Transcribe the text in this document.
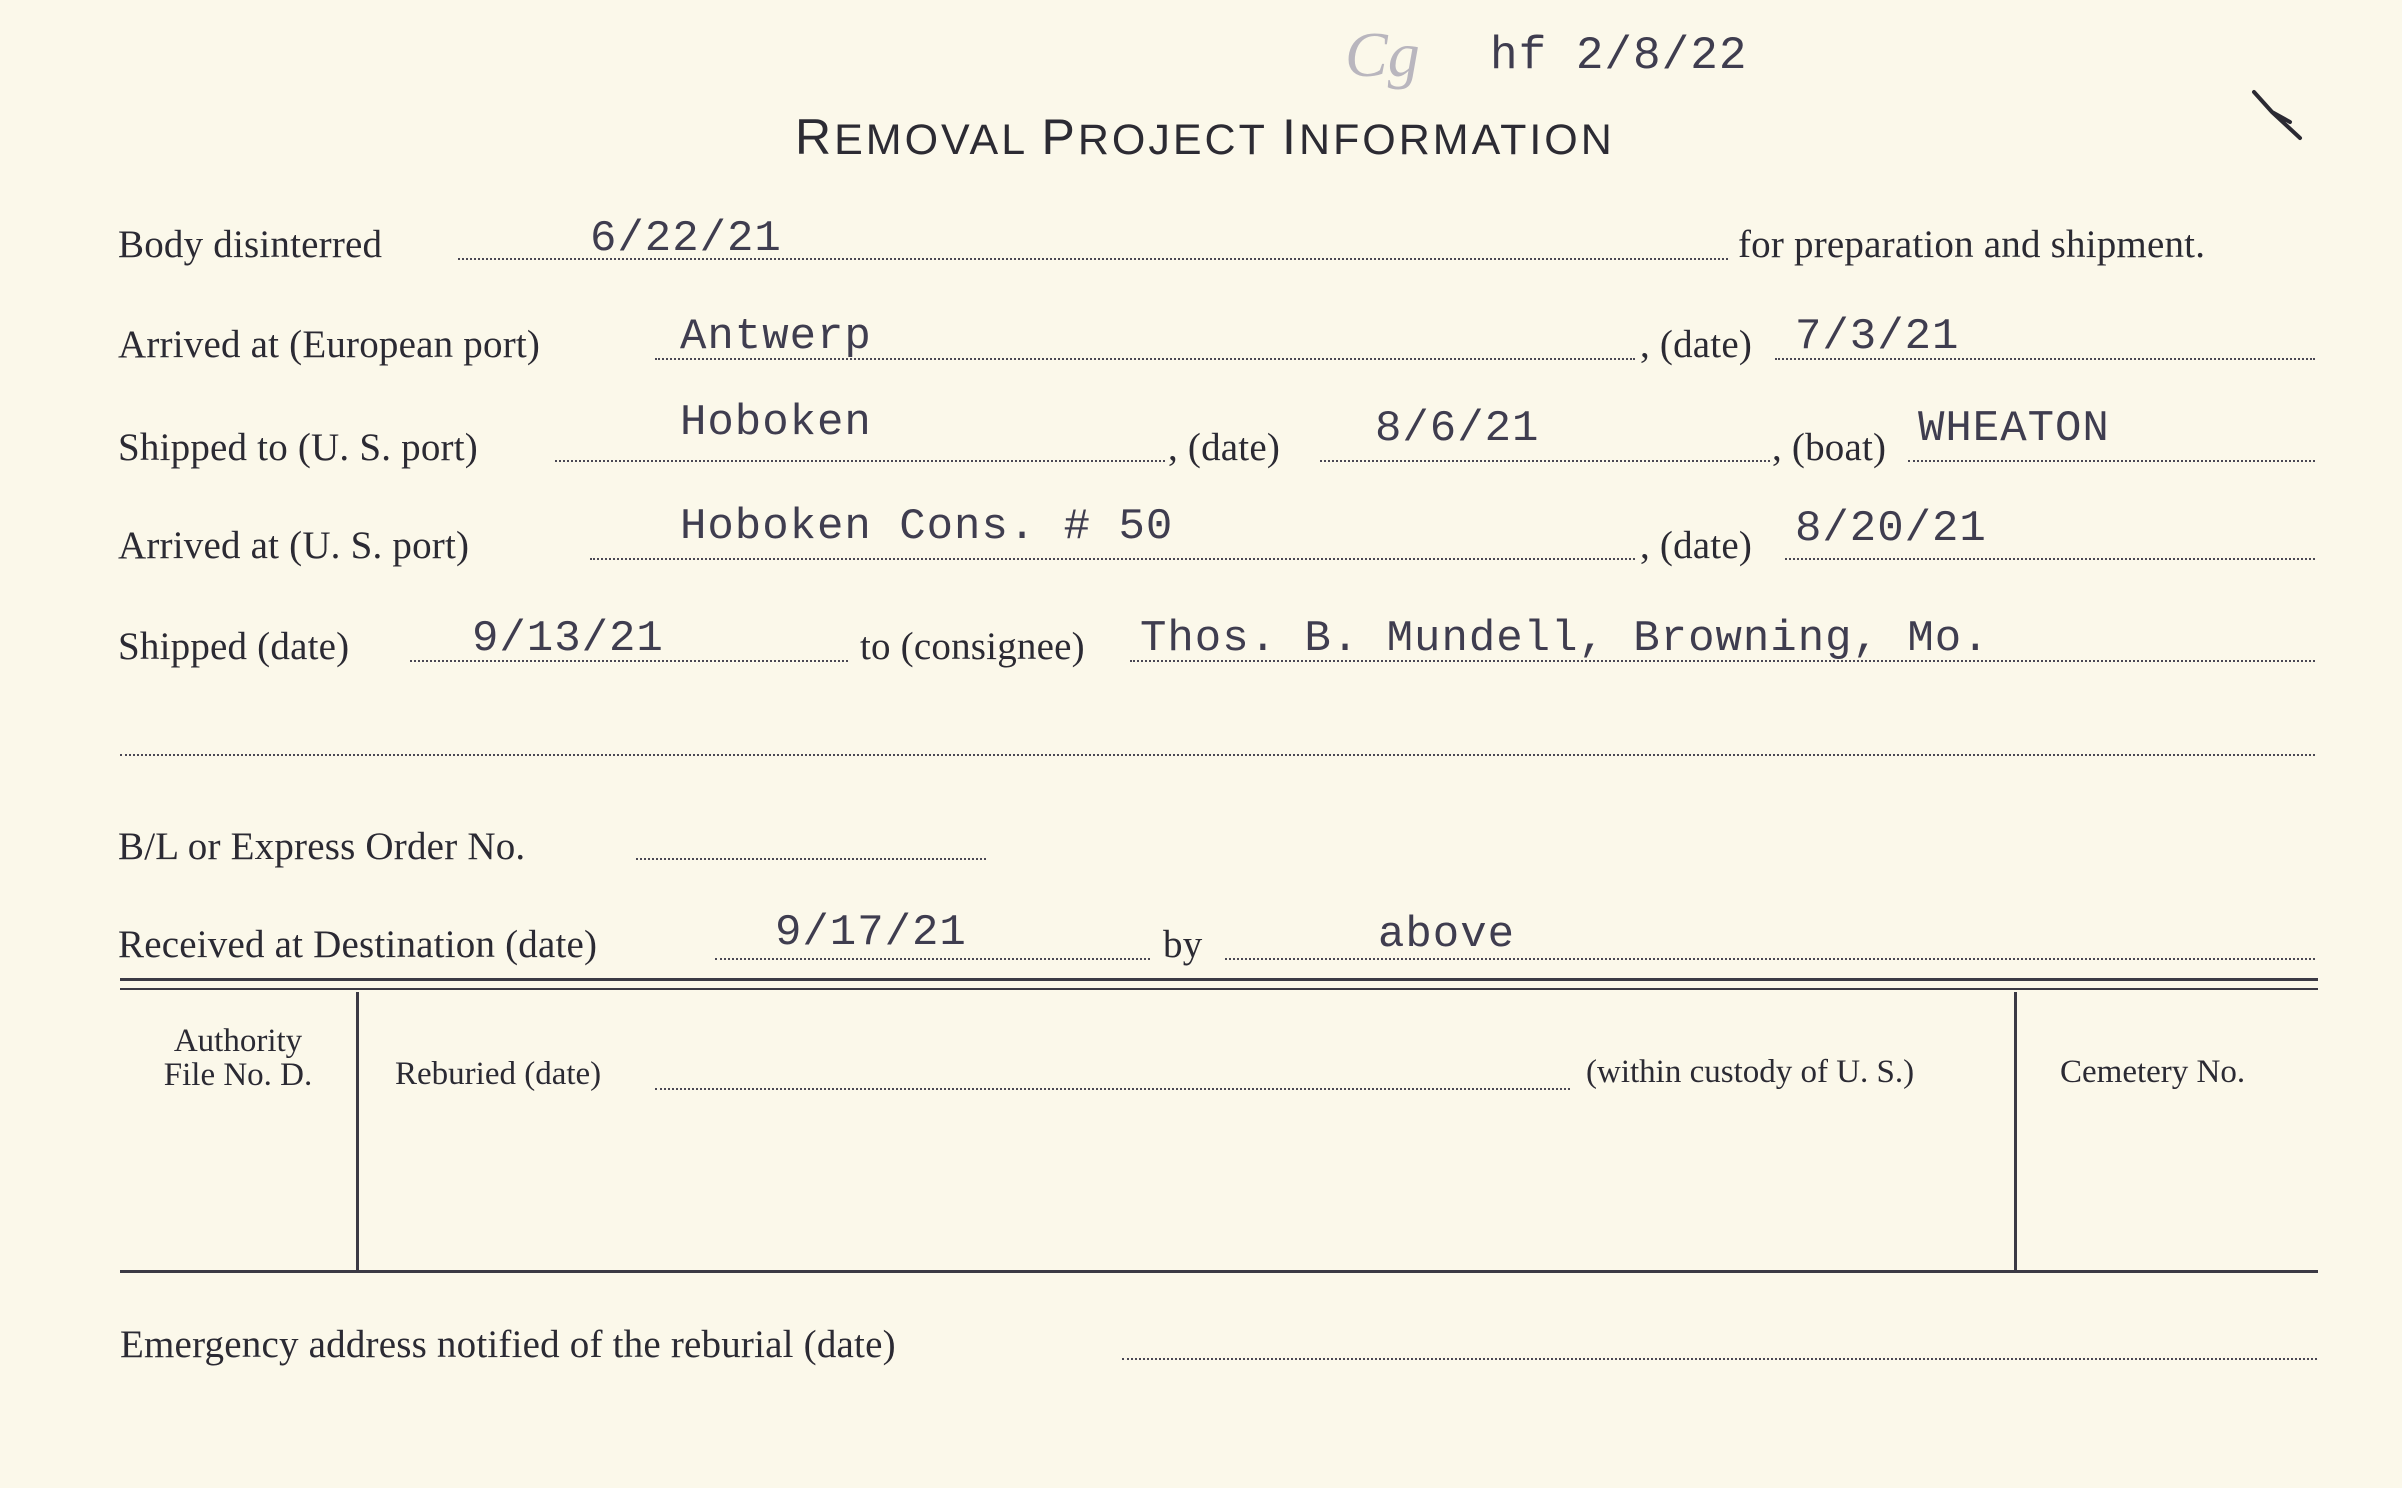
Cg hf 2/8/22
REMOVAL PROJECT INFORMATION
Body disinterred	6/22/21	for preparation and shipment.
Arrived at (European port)	Antwerp	, (date) 7/3/21
Shipped to (U. S. port)	Hoboken	, (date) 8/6/21	, (boat) WHEATON
Arrived at (U. S. port)	Hoboken Cons. # 50	, (date) 8/20/21
Shipped (date)	9/13/21	to (consignee) Thos. B. Mundell, Browning, Mo.
B/L or Express Order No.
Received at Destination (date)	9/17/21	by	above
Authority
File No. D.	Reburied (date)	(within custody of U. S.)	Cemetery No.
Emergency address notified of the reburial (date)
